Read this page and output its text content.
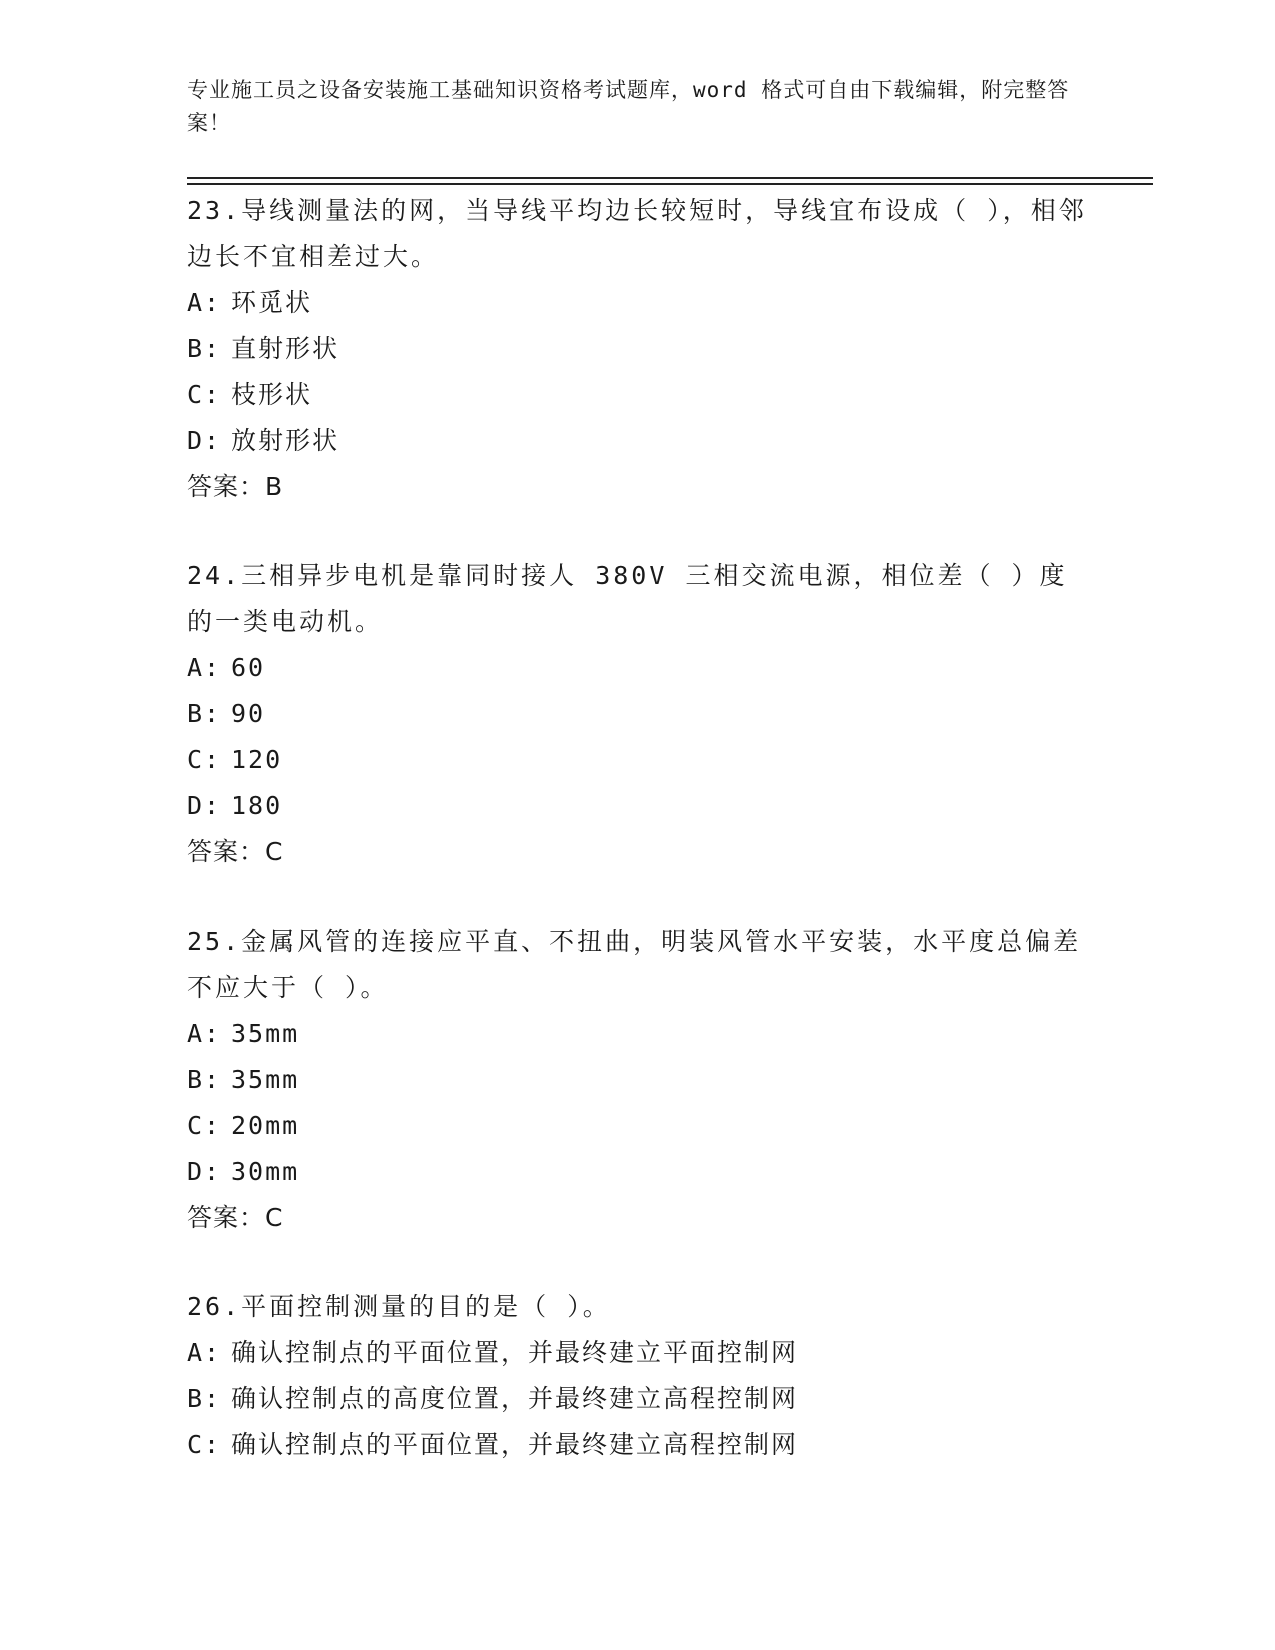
专业施工员之设备安装施工基础知识资格考试题库，word 格式可自由下载编辑，附完整答案！

23.导线测量法的网，当导线平均边长较短时，导线宜布设成（ ），相邻边长不宜相差过大。

A: 环觅状
B: 直射形状
C: 枝形状
D: 放射形状
答案：B

24.三相异步电机是靠同时接人 380V 三相交流电源，相位差（ ）度的一类电动机。

A: 60
B: 90
C: 120
D: 180
答案：C

25.金属风管的连接应平直、不扭曲，明装风管水平安装，水平度总偏差不应大于（ ）。

A: 35mm
B: 35mm
C: 20mm
D: 30mm
答案：C

26.平面控制测量的目的是（ ）。

A: 确认控制点的平面位置，并最终建立平面控制网
B: 确认控制点的高度位置，并最终建立高程控制网
C: 确认控制点的平面位置，并最终建立高程控制网
